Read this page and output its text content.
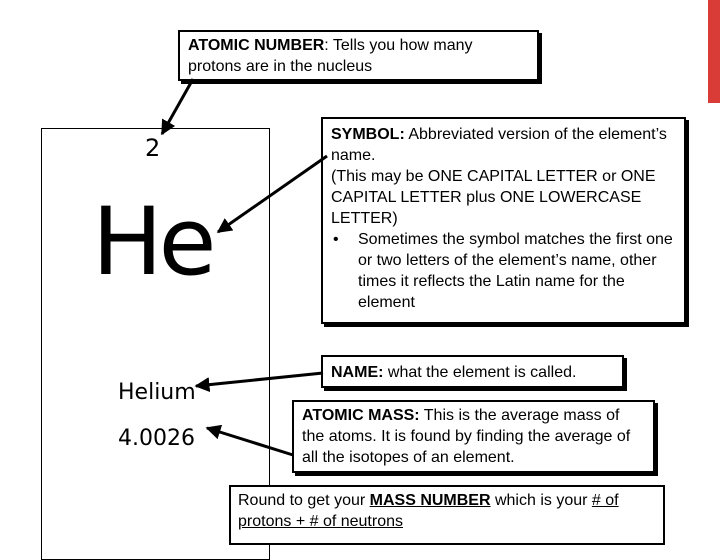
2
He
Helium
4.0026
ATOMIC NUMBER: Tells you how many protons are in the nucleus
SYMBOL: Abbreviated version of the element’s name.
(This may be ONE CAPITAL LETTER or ONE CAPITAL LETTER plus ONE LOWERCASE LETTER)
•	Sometimes the symbol matches the first one or two letters of the element’s name, other times it reflects the Latin name for the element
NAME: what the element is called.
ATOMIC MASS: This is the average mass of the atoms. It is found by finding the average of all the isotopes of an element.
Round to get your MASS NUMBER which is your # of protons + # of neutrons
